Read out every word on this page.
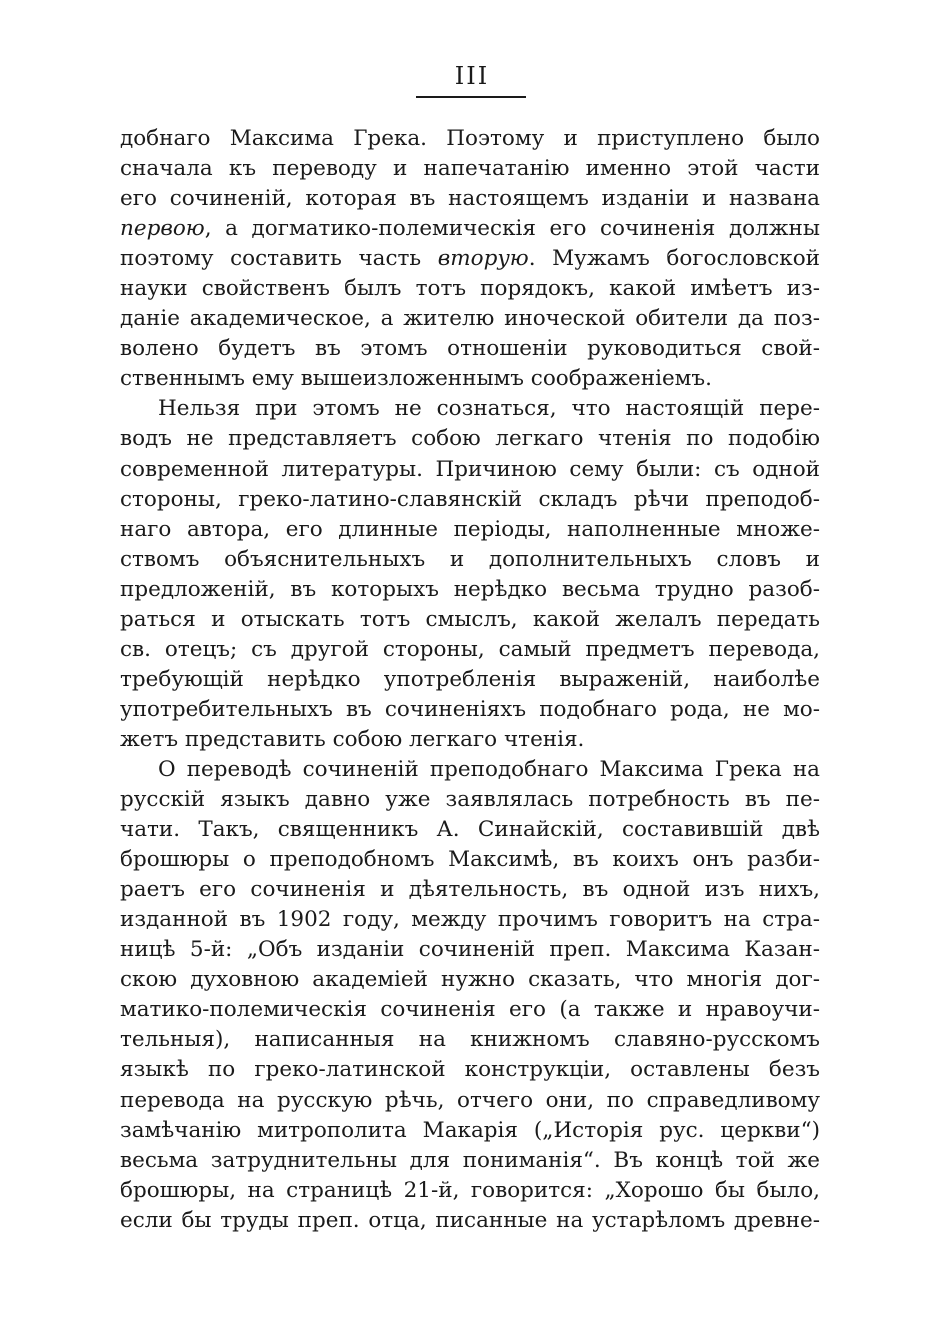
III

добнаго Максима Грека. Поэтому и приступлено было
сначала къ переводу и напечатанію именно этой части
его сочиненій, которая въ настоящемъ изданіи и названа
первою, а догматико-полемическія его сочиненія должны
поэтому составить часть вторую. Мужамъ богословской
науки свойственъ былъ тотъ порядокъ, какой имѣетъ из-
даніе академическое, а жителю иноческой обители да поз-
волено будетъ въ этомъ отношеніи руководиться свой-
ственнымъ ему вышеизложеннымъ соображеніемъ.

Нельзя при этомъ не сознаться, что настоящій пере-
водъ не представляетъ собою легкаго чтенія по подобію
современной литературы. Причиною сему были: съ одной
стороны, греко-латино-славянскій складъ рѣчи преподоб-
наго автора, его длинные періоды, наполненные множе-
ствомъ объяснительныхъ и дополнительныхъ словъ и
предложеній, въ которыхъ нерѣдко весьма трудно разоб-
раться и отыскать тотъ смыслъ, какой желалъ передать
св. отецъ; съ другой стороны, самый предметъ перевода,
требующій нерѣдко употребленія выраженій, наиболѣе
употребительныхъ въ сочиненіяхъ подобнаго рода, не мо-
жетъ представить собою легкаго чтенія.

О переводѣ сочиненій преподобнаго Максима Грека на
русскій языкъ давно уже заявлялась потребность въ пе-
чати. Такъ, священникъ А. Синайскій, составившій двѣ
брошюры о преподобномъ Максимѣ, въ коихъ онъ разби-
раетъ его сочиненія и дѣятельность, въ одной изъ нихъ,
изданной въ 1902 году, между прочимъ говоритъ на стра-
ницѣ 5-й: „Объ изданіи сочиненій преп. Максима Казан-
скою духовною академіей нужно сказать, что многія дог-
матико-полемическія сочиненія его (а также и нравоучи-
тельныя), написанныя на книжномъ славяно-русскомъ
языкѣ по греко-латинской конструкціи, оставлены безъ
перевода на русскую рѣчь, отчего они, по справедливому
замѣчанію митрополита Макарія („Исторія рус. церкви“)
весьма затруднительны для пониманія“. Въ концѣ той же
брошюры, на страницѣ 21-й, говорится: „Хорошо бы было,
если бы труды преп. отца, писанные на устарѣломъ древне-
